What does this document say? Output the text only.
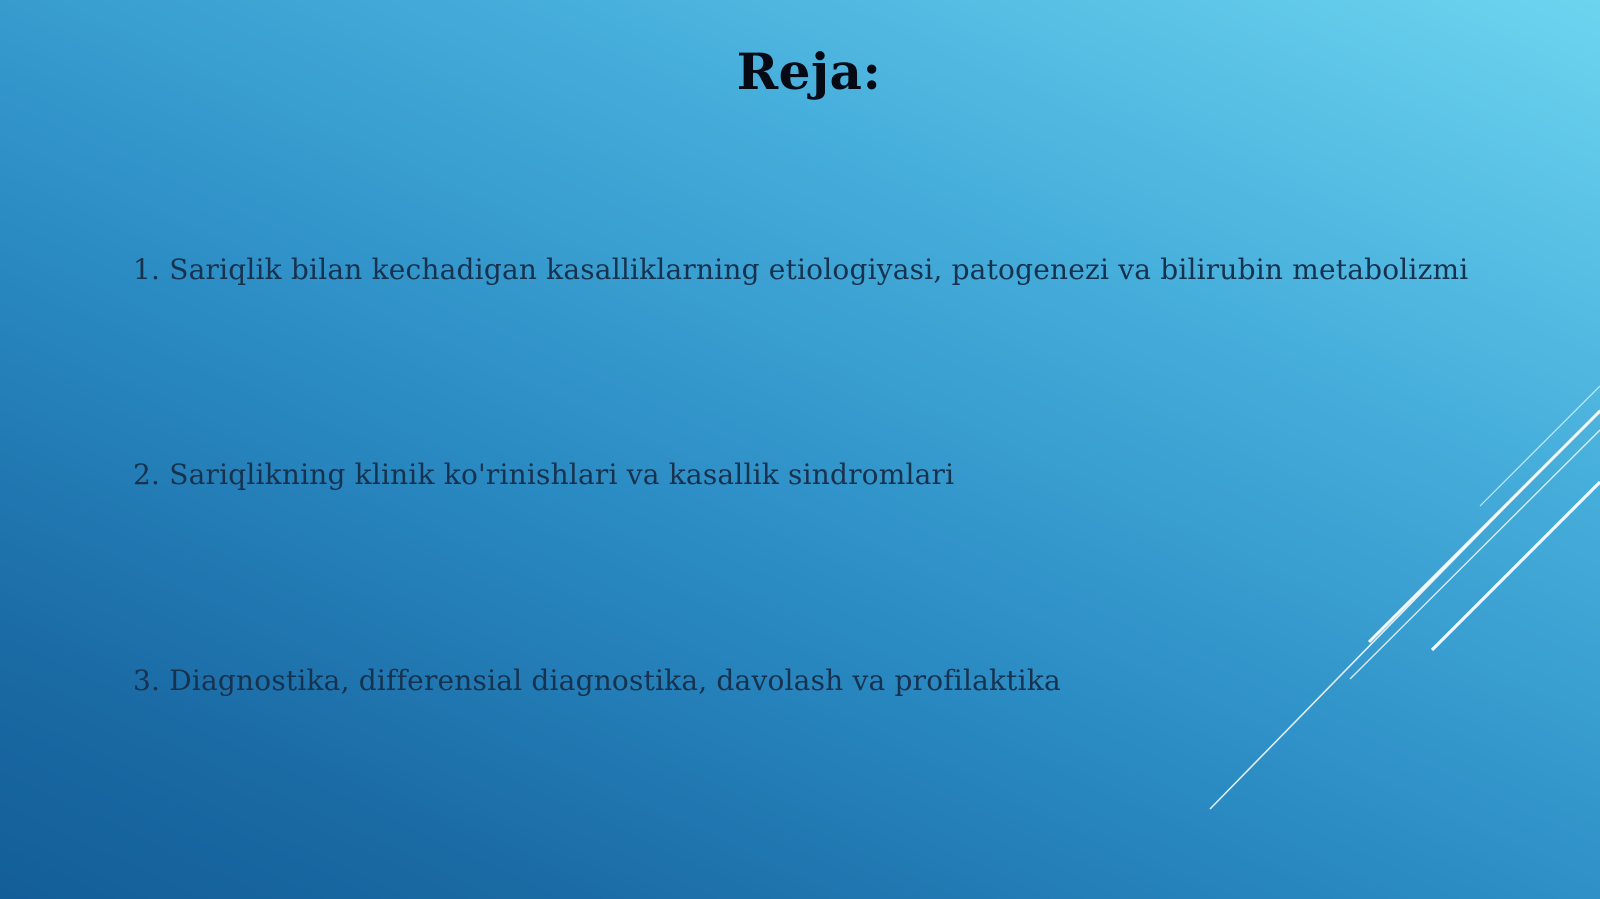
Reja:
1. Sariqlik bilan kechadigan kasalliklarning etiologiyasi, patogenezi va bilirubin metabolizmi
2. Sariqlikning klinik ko'rinishlari va kasallik sindromlari
3. Diagnostika, differensial diagnostika, davolash va profilaktika
